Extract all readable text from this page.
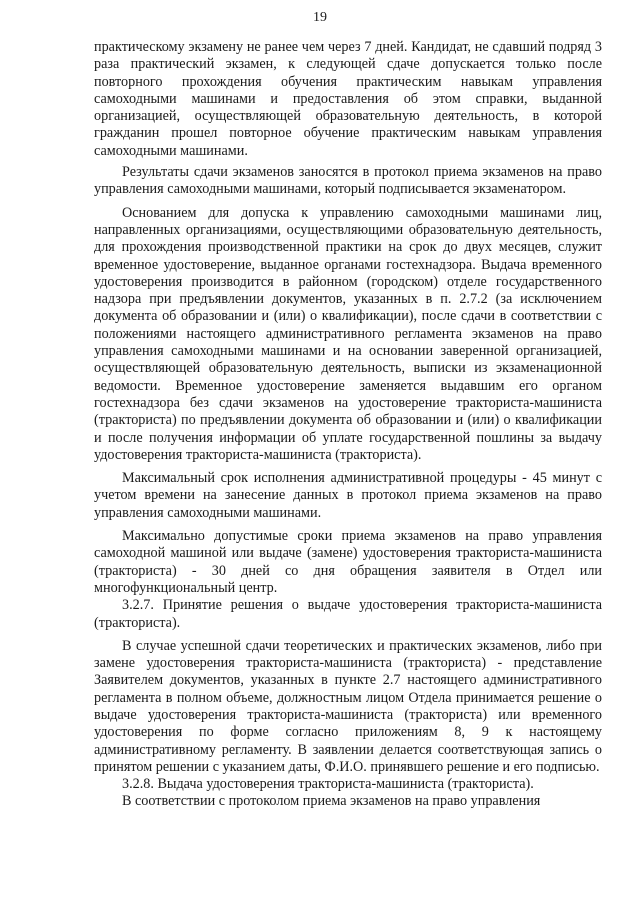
19

практическому экзамену не ранее чем через 7 дней. Кандидат, не сдавший подряд 3 раза практический экзамен, к следующей сдаче допускается только после повторного прохождения обучения практическим навыкам управления самоходными машинами и предоставления об этом справки, выданной организацией, осуществляющей образовательную деятельность, в которой гражданин прошел повторное обучение практическим навыкам управления самоходными машинами.

Результаты сдачи экзаменов заносятся в протокол приема экзаменов на право управления самоходными машинами, который подписывается экзаменатором.

Основанием для допуска к управлению самоходными машинами лиц, направленных организациями, осуществляющими образовательную деятельность, для прохождения производственной практики на срок до двух месяцев, служит временное удостоверение, выданное органами гостехнадзора. Выдача временного удостоверения производится в районном (городском) отделе государственного надзора при предъявлении документов, указанных в п. 2.7.2 (за исключением документа об образовании и (или) о квалификации), после сдачи в соответствии с положениями настоящего административного регламента экзаменов на право управления самоходными машинами и на основании заверенной организацией, осуществляющей образовательную деятельность, выписки из экзаменационной ведомости. Временное удостоверение заменяется выдавшим его органом гостехнадзора без сдачи экзаменов на удостоверение тракториста-машиниста (тракториста) по предъявлении документа об образовании и (или) о квалификации и после получения информации об уплате государственной пошлины за выдачу удостоверения тракториста-машиниста (тракториста).

Максимальный срок исполнения административной процедуры - 45 минут с учетом времени на занесение данных в протокол приема экзаменов на право управления самоходными машинами.

Максимально допустимые сроки приема экзаменов на право управления самоходной машиной или выдаче (замене) удостоверения тракториста-машиниста (тракториста) - 30 дней со дня обращения заявителя в Отдел или многофункциональный центр.

3.2.7. Принятие решения о выдаче удостоверения тракториста-машиниста (тракториста).

В случае успешной сдачи теоретических и практических экзаменов, либо при замене удостоверения тракториста-машиниста (тракториста) - представление Заявителем документов, указанных в пункте 2.7 настоящего административного регламента в полном объеме, должностным лицом Отдела принимается решение о выдаче удостоверения тракториста-машиниста (тракториста) или временного удостоверения по форме согласно приложениям 8, 9 к настоящему административному регламенту. В заявлении делается соответствующая запись о принятом решении с указанием даты, Ф.И.О. принявшего решение и его подписью.

3.2.8. Выдача удостоверения тракториста-машиниста (тракториста).

В соответствии с протоколом приема экзаменов на право управления
